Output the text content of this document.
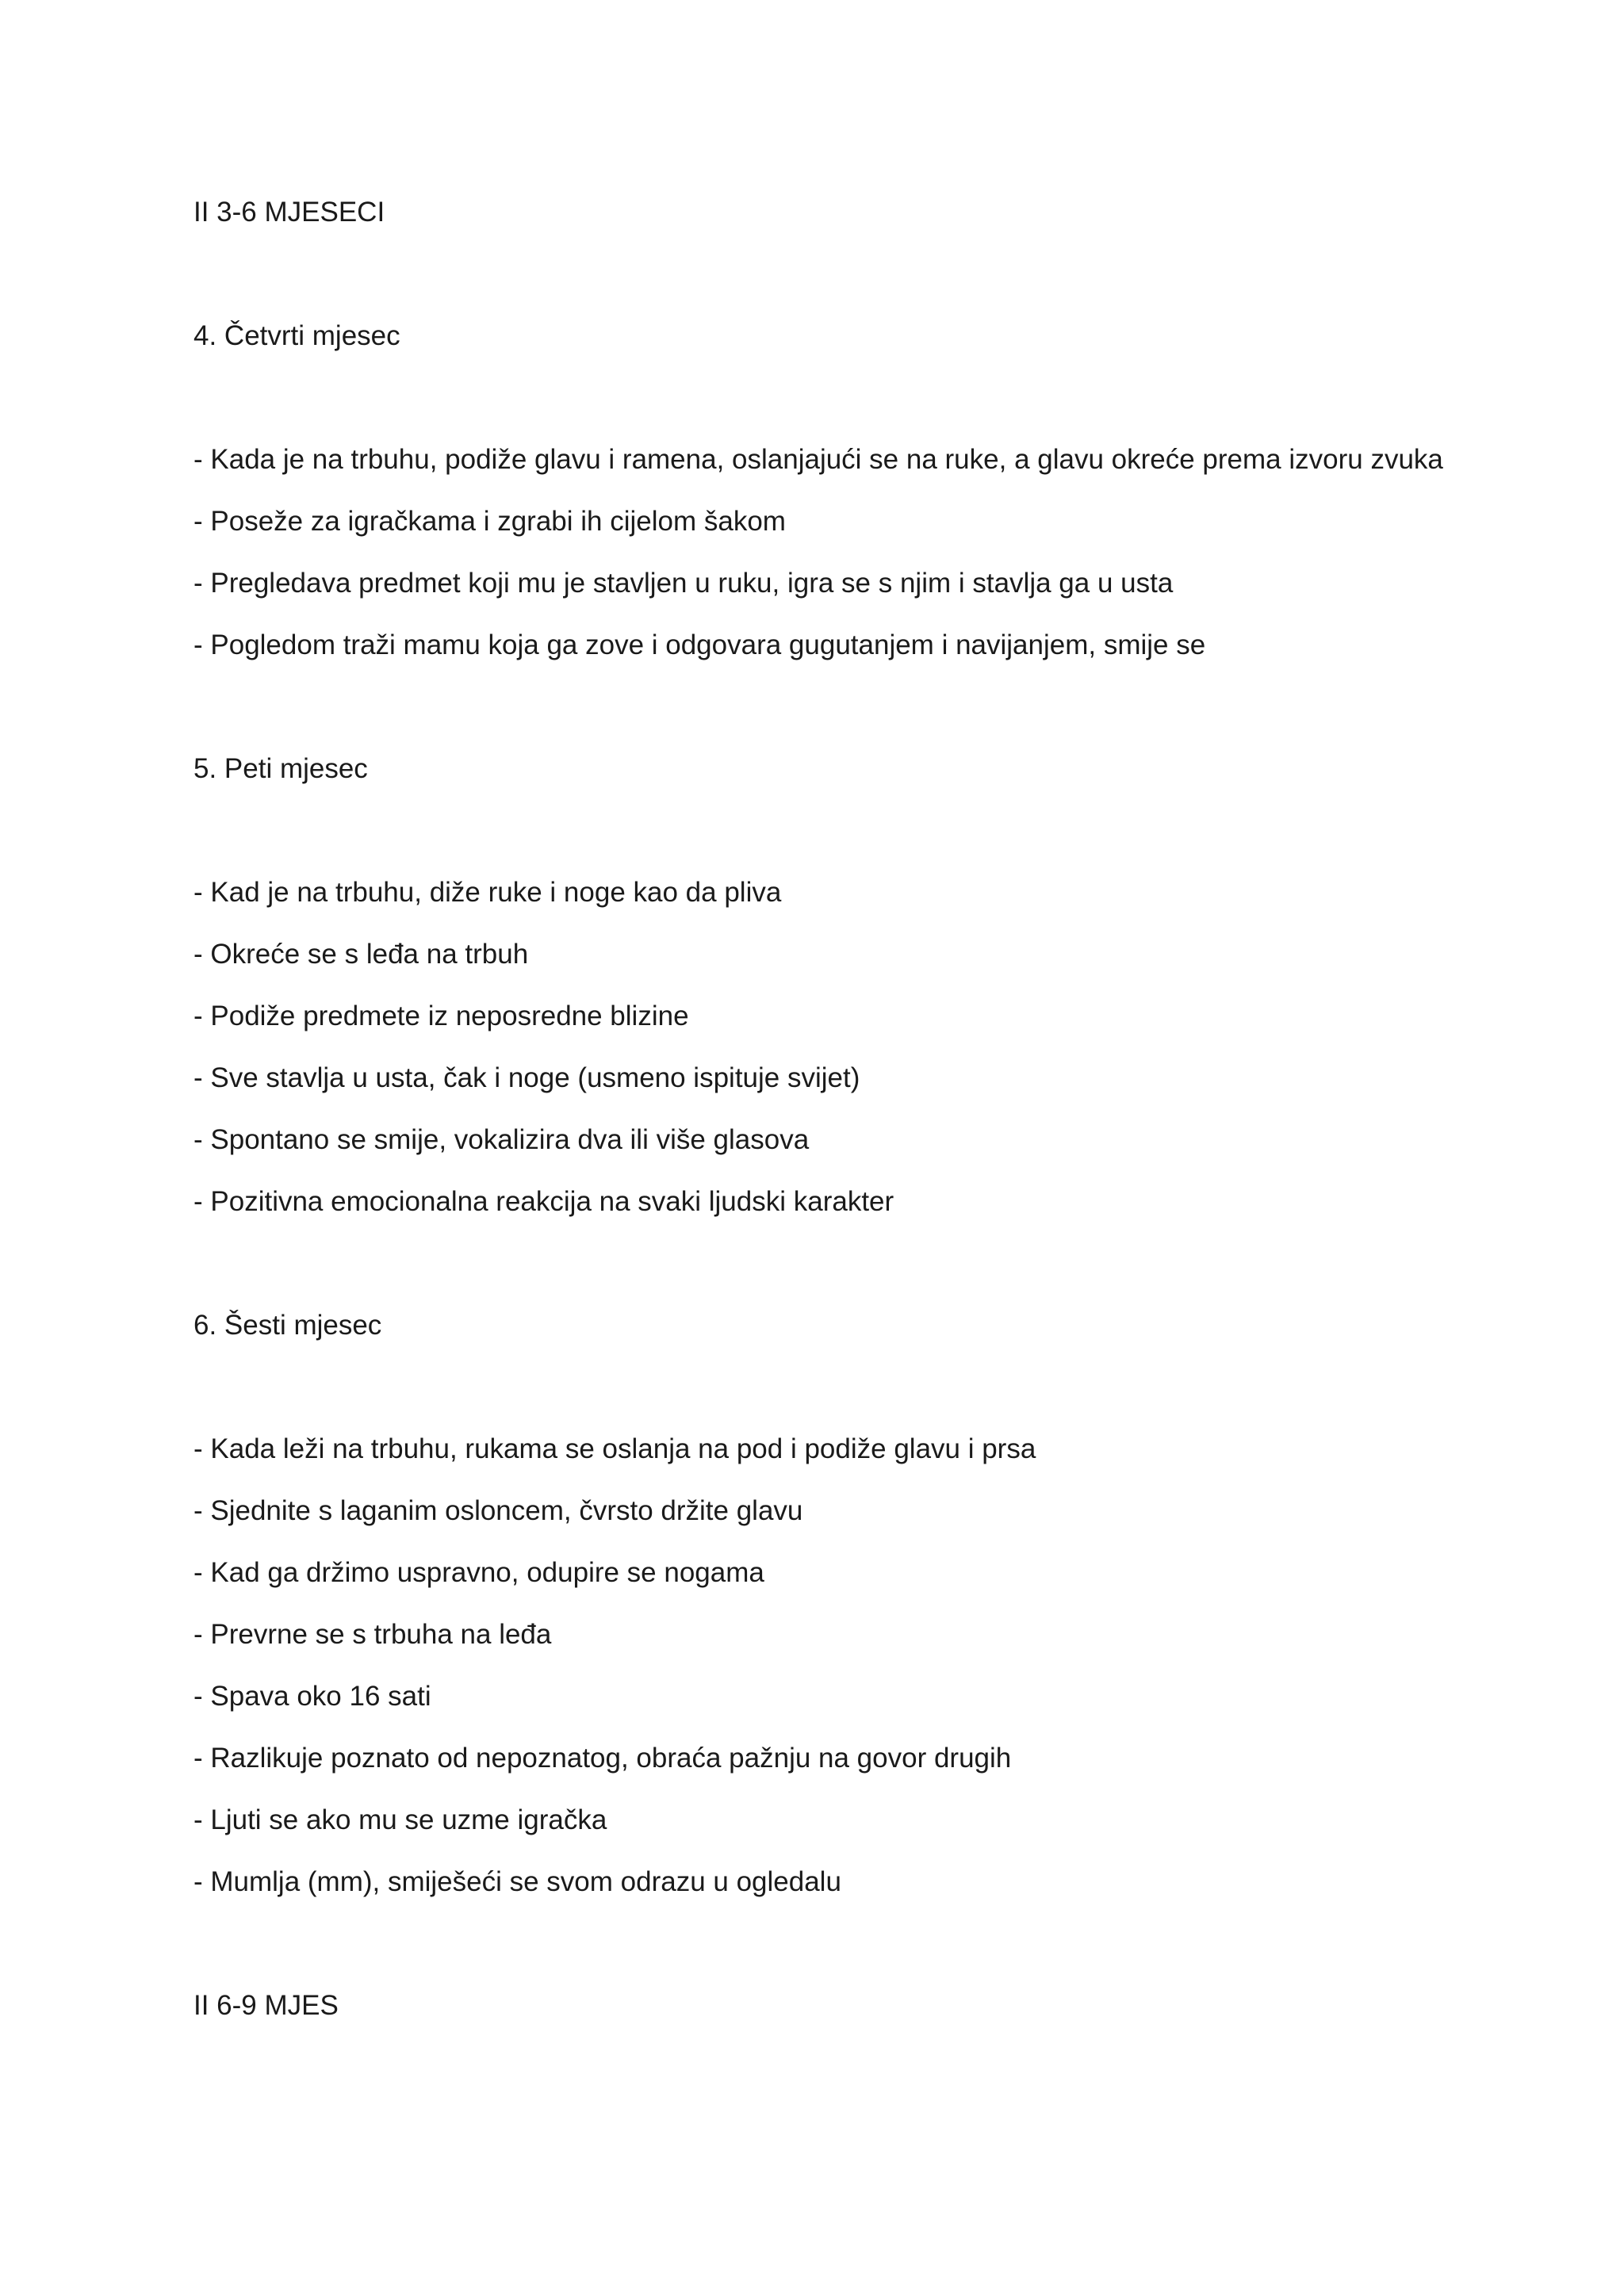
II 3-6 MJESECI

4. Četvrti mjesec

- Kada je na trbuhu, podiže glavu i ramena, oslanjajući se na ruke, a glavu okreće prema izvoru zvuka

- Poseže za igračkama i zgrabi ih cijelom šakom

- Pregledava predmet koji mu je stavljen u ruku, igra se s njim i stavlja ga u usta

- Pogledom traži mamu koja ga zove i odgovara gugutanjem i navijanjem, smije se

5. Peti mjesec

- Kad je na trbuhu, diže ruke i noge kao da pliva

- Okreće se s leđa na trbuh

- Podiže predmete iz neposredne blizine

- Sve stavlja u usta, čak i noge (usmeno ispituje svijet)

- Spontano se smije, vokalizira dva ili više glasova

- Pozitivna emocionalna reakcija na svaki ljudski karakter

6. Šesti mjesec

- Kada leži na trbuhu, rukama se oslanja na pod i podiže glavu i prsa

- Sjednite s laganim osloncem, čvrsto držite glavu

- Kad ga držimo uspravno, odupire se nogama

- Prevrne se s trbuha na leđa

- Spava oko 16 sati

- Razlikuje poznato od nepoznatog, obraća pažnju na govor drugih

- Ljuti se ako mu se uzme igračka

- Mumlja (mm), smiješeći se svom odrazu u ogledalu

II 6-9 MJES
